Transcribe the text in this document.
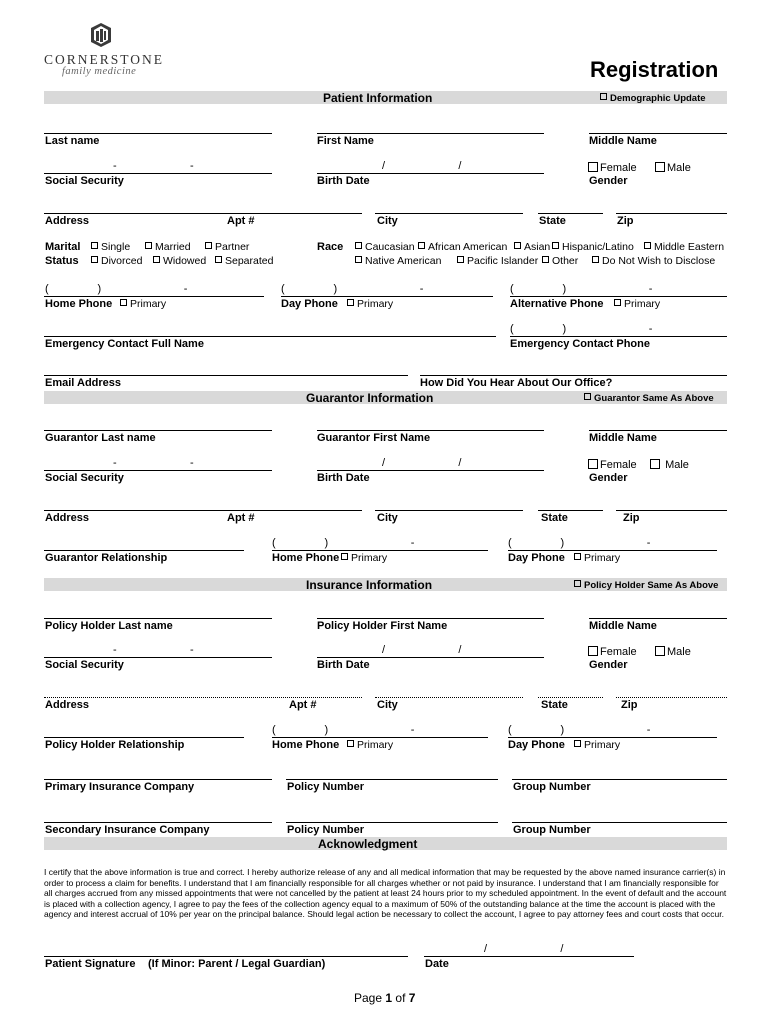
CORNERSTONE
family medicine	Registration
Patient Information	Demographic Update
Last name	First Name	Middle Name
-                        -	/                        /	Female	Male
Social Security	Birth Date	Gender
Address	Apt #	City	State	Zip
Marital
Status
Single	Married	Partner
Divorced	Widowed	Separated
Race	Caucasian	African American	Asian	Hispanic/Latino	Middle Eastern
Native American	Pacific Islander	Other	Do Not Wish to Disclose
(                )                           -	(                )                           -	(                )                           -
Home Phone	Primary	Day Phone	Primary	Alternative Phone	Primary
(                )                           -
Emergency Contact Full Name	Emergency Contact Phone
Email Address	How Did You Hear About Our Office?
Guarantor Information	Guarantor Same As Above
Guarantor Last name	Guarantor First Name	Middle Name
-                        -	/                        /	Female	Male
Social Security	Birth Date	Gender
Address	Apt #	City	State	Zip
(                )                           -	(                )                           -
Guarantor Relationship	Home Phone	Primary	Day Phone	Primary
Insurance Information	Policy Holder Same As Above
Policy Holder Last name	Policy Holder First Name	Middle Name
-                        -	/                        /	Female	Male
Social Security	Birth Date	Gender
Address	Apt #	City	State	Zip
(                )                           -	(                )                           -
Policy Holder Relationship	Home Phone	Primary	Day Phone	Primary
Primary Insurance Company	Policy Number	Group Number
Secondary Insurance Company	Policy Number	Group Number
Acknowledgment
I certify that the above information is true and correct. I hereby authorize release of any and all medical information that may be requested by the above named insurance carrier(s) in order to process a claim for benefits. I understand that I am financially responsible for all charges whether or not paid by insurance. I understand that I am financially responsible for all charges accrued from any missed appointments that were not cancelled by the patient at least 24 hours prior to my scheduled appointment. In the event of default and the account is placed with a collection agency, I agree to pay the fees of the collection agency equal to a maximum of 50% of the outstanding balance at the time the account is placed with the agency and interest accrual of 10% per year on the principal balance. Should legal action be necessary to collect the account, I agree to pay attorney fees and court costs that occur.
/                        /
Patient Signature (If Minor: Parent / Legal Guardian)	Date
Page 1 of 7
